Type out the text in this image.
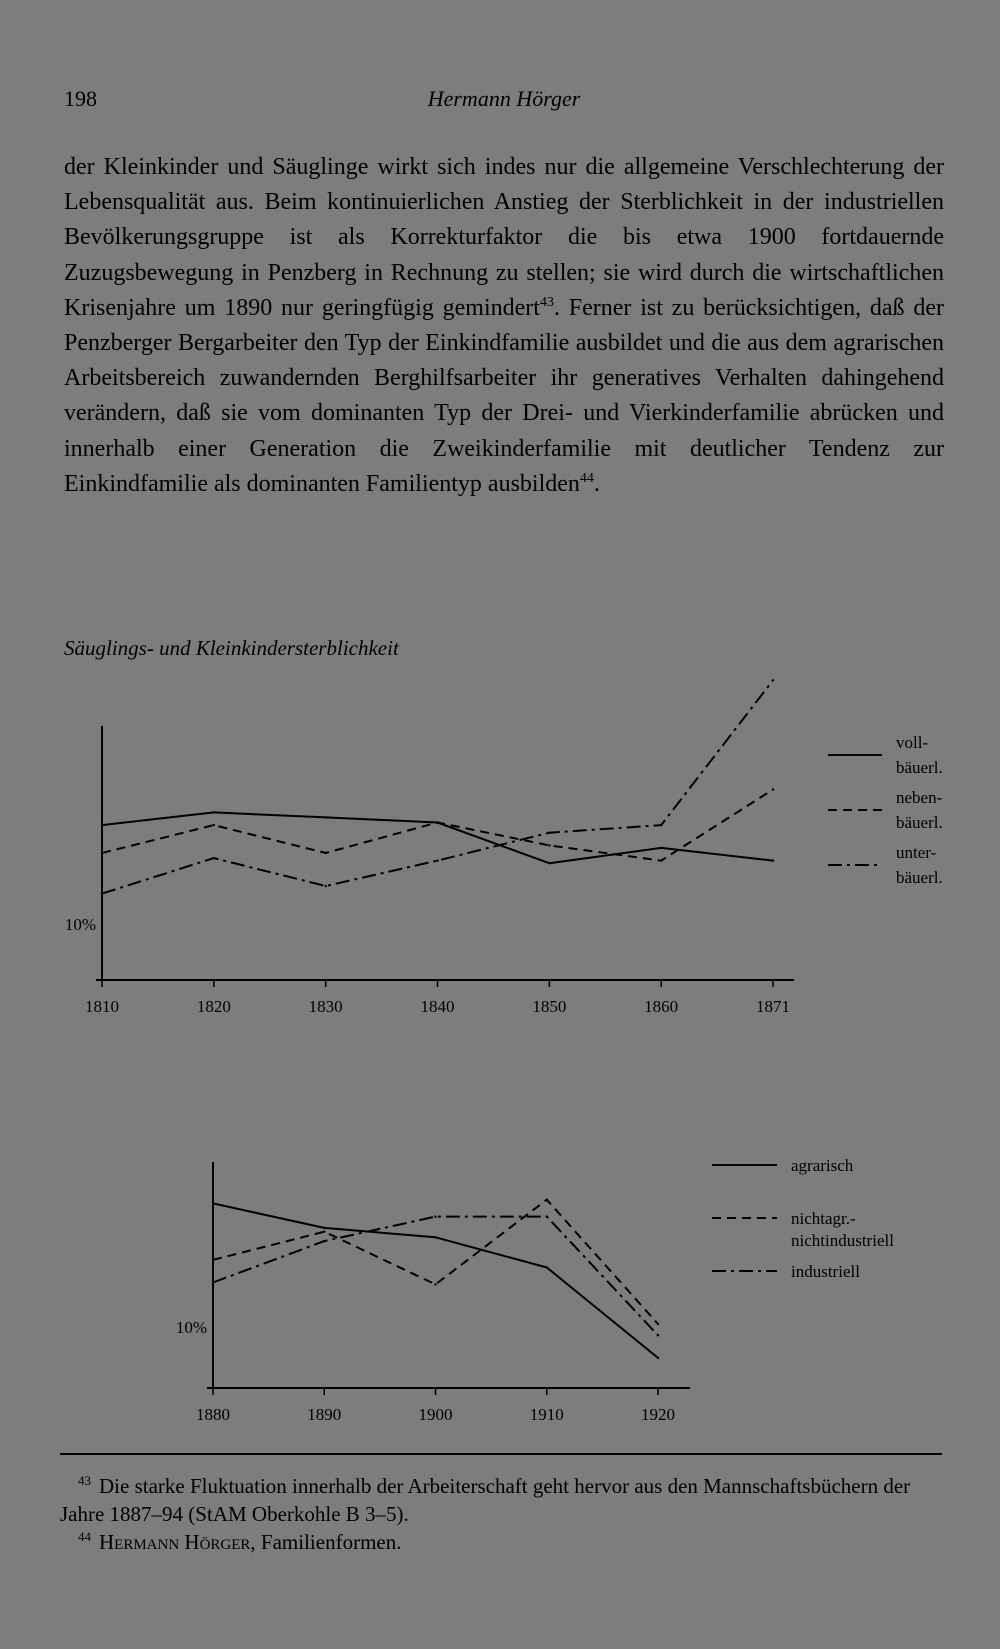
198	Hermann Hörger

der Kleinkinder und Säuglinge wirkt sich indes nur die allgemeine Verschlechterung der Lebensqualität aus. Beim kontinuierlichen Anstieg der Sterblichkeit in der industriellen Bevölkerungsgruppe ist als Korrekturfaktor die bis etwa 1900 fortdauernde Zuzugsbewegung in Penzberg in Rechnung zu stellen; sie wird durch die wirtschaftlichen Krisenjahre um 1890 nur geringfügig gemindert$^{43}$. Ferner ist zu berücksichtigen, daß der Penzberger Bergarbeiter den Typ der Einkindfamilie ausbildet und die aus dem agrarischen Arbeitsbereich zuwandernden Berghilfsarbeiter ihr generatives Verhalten dahingehend verändern, daß sie vom dominanten Typ der Drei- und Vierkinderfamilie abrücken und innerhalb einer Generation die Zweikinderfamilie mit deutlicher Tendenz zur Einkindfamilie als dominanten Familientyp ausbilden$^{44}$.

Säuglings- und Kleinkindersterblichkeit
1810	1820	1830	1840	1850	1860	1871
10%
voll-
bäuerl.
neben-
bäuerl.
unter-
bäuerl.
1880	1890	1900	1910	1920
10%
agrarisch
nichtagr.-
nichtindustriell
industriell

$^{43}$ Die starke Fluktuation innerhalb der Arbeiterschaft geht hervor aus den Mannschaftsbüchern der Jahre 1887–94 (StAM Oberkohle B 3–5).

$^{44}$ Hermann Hörger, Familienformen.
